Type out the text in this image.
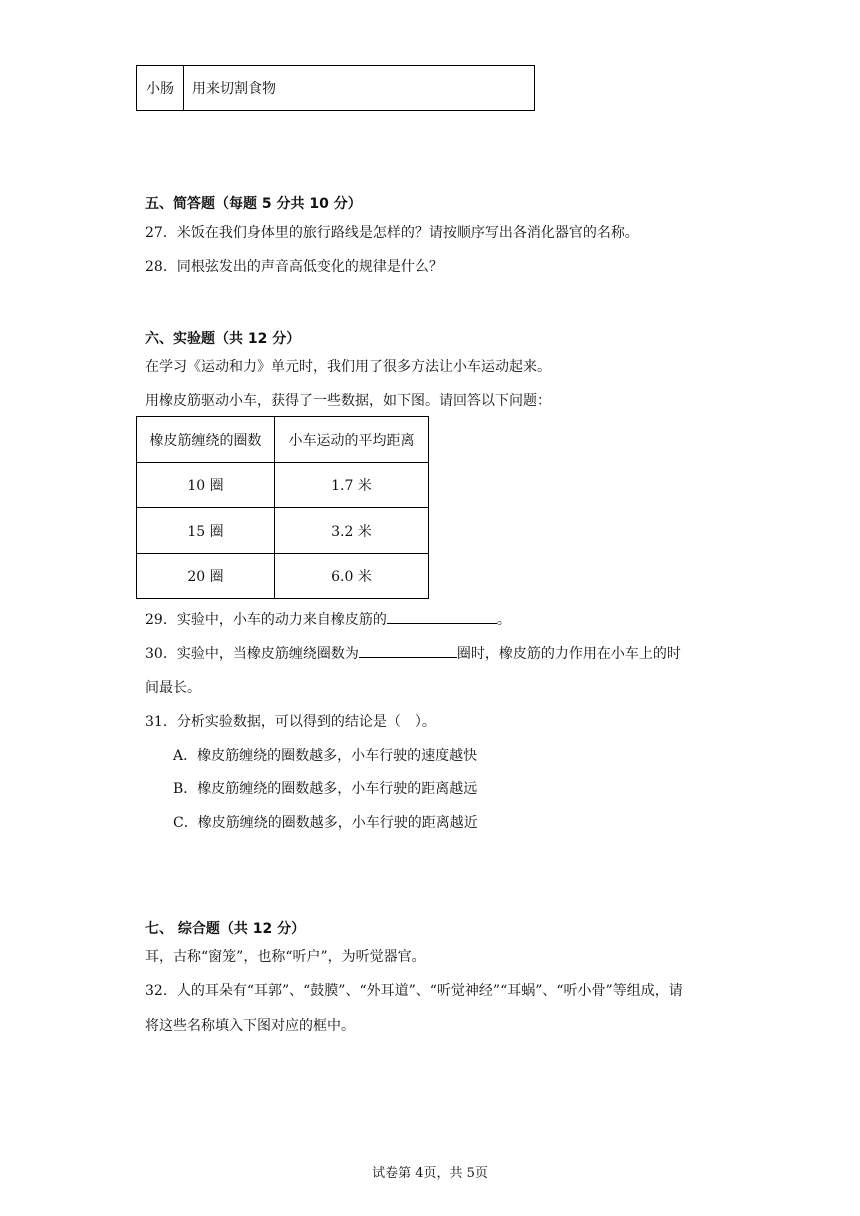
小肠	用来切割食物
五、简答题（每题 5 分共 10 分）
27．米饭在我们身体里的旅行路线是怎样的？请按顺序写出各消化器官的名称。
28．同根弦发出的声音高低变化的规律是什么？
六、实验题（共 12 分）
在学习《运动和力》单元时，我们用了很多方法让小车运动起来。
用橡皮筋驱动小车，获得了一些数据，如下图。请回答以下问题：
橡皮筋缠绕的圈数	小车运动的平均距离
10 圈	1.7 米
15 圈	3.2 米
20 圈	6.0 米
29．实验中，小车的动力来自橡皮筋的	。
30．实验中，当橡皮筋缠绕圈数为	圈时，橡皮筋的力作用在小车上的时
间最长。
31．分析实验数据，可以得到的结论是（　）。
A．橡皮筋缠绕的圈数越多，小车行驶的速度越快
B．橡皮筋缠绕的圈数越多，小车行驶的距离越远
C．橡皮筋缠绕的圈数越多，小车行驶的距离越近
七、 综合题（共 12 分）
耳，古称“窗笼”，也称“听户”，为听觉器官。
32．人的耳朵有“耳郭”、“鼓膜”、“外耳道”、“听觉神经”“耳蜗”、“听小骨”等组成，请
将这些名称填入下图对应的框中。
试卷第 4页，共 5页
